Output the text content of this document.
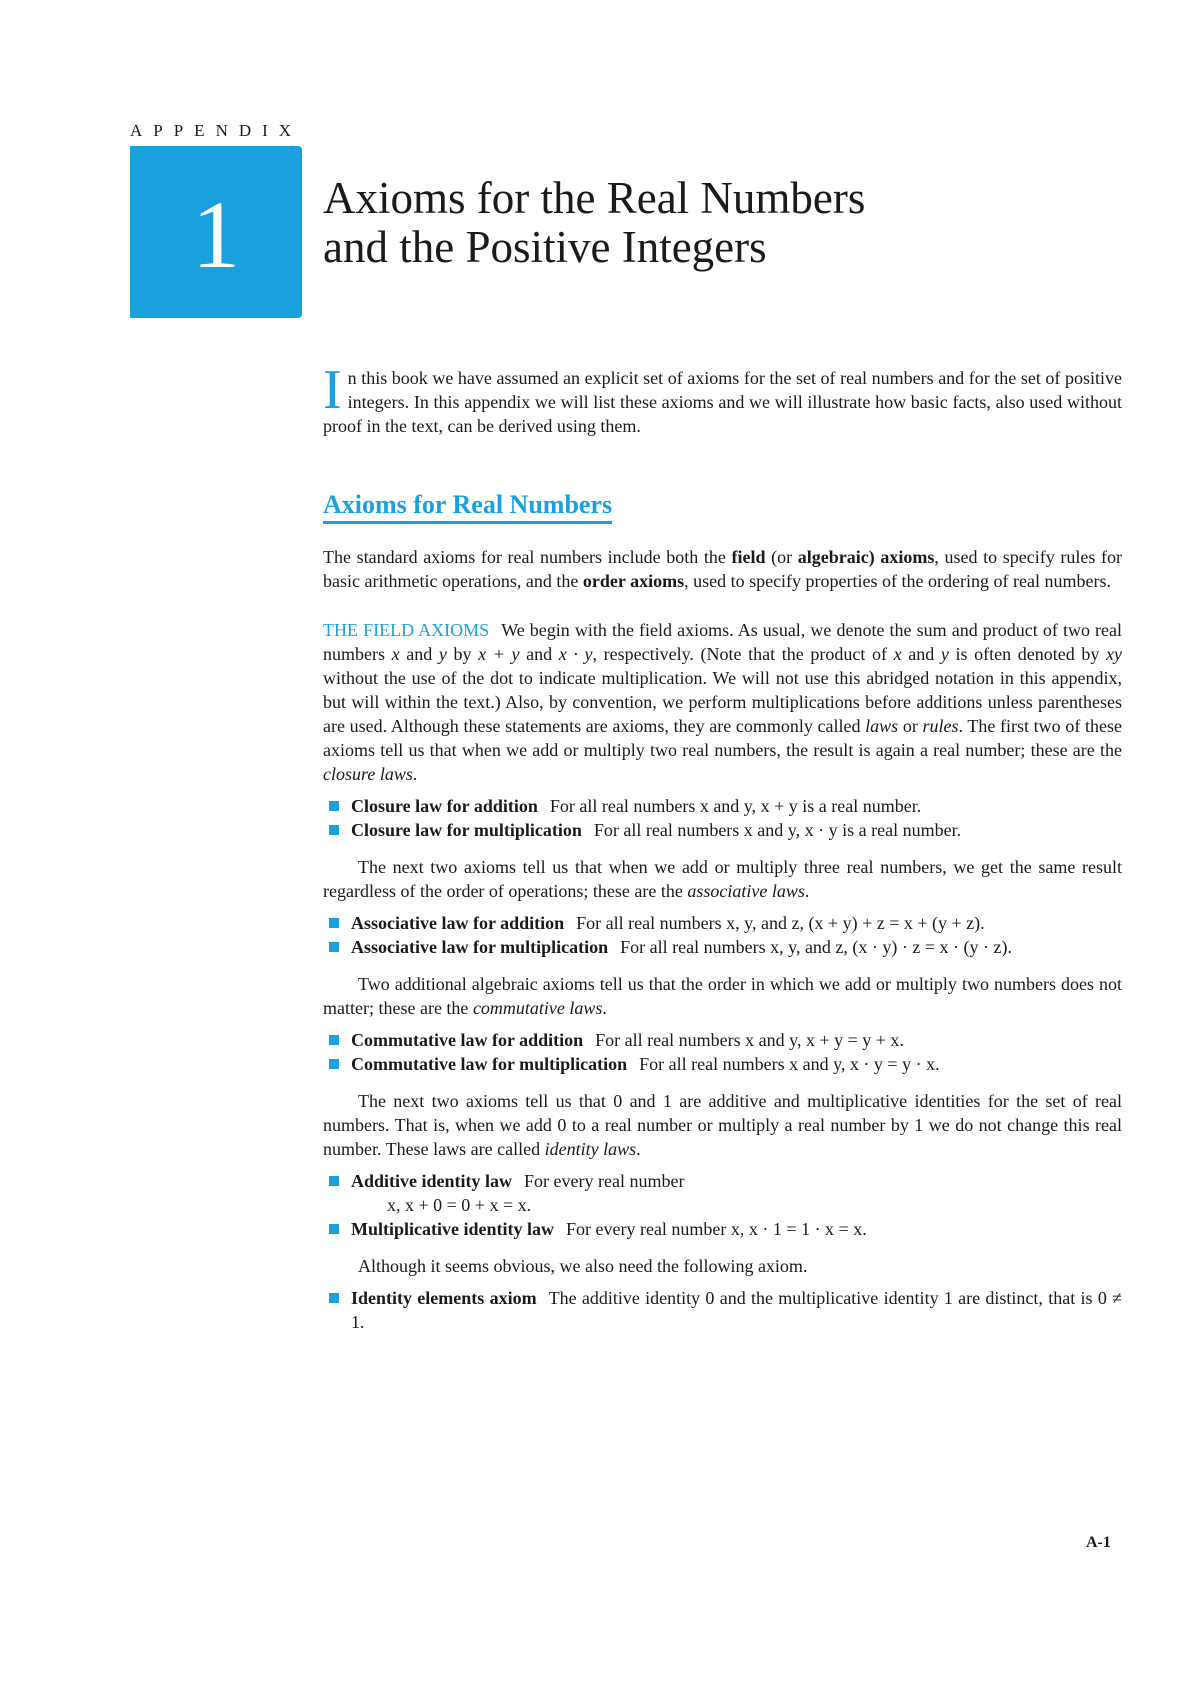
APPENDIX
1 Axioms for the Real Numbers
and the Positive Integers

In this book we have assumed an explicit set of axioms for the set of real numbers and for the set of positive integers. In this appendix we will list these axioms and we will illustrate how basic facts, also used without proof in the text, can be derived using them.

Axioms for Real Numbers

The standard axioms for real numbers include both the field (or algebraic) axioms, used to specify rules for basic arithmetic operations, and the order axioms, used to specify properties of the ordering of real numbers.

THE FIELD AXIOMS We begin with the field axioms. As usual, we denote the sum and product of two real numbers x and y by x + y and x · y, respectively. (Note that the product of x and y is often denoted by xy without the use of the dot to indicate multiplication. We will not use this abridged notation in this appendix, but will within the text.) Also, by convention, we perform multiplications before additions unless parentheses are used. Although these statements are axioms, they are commonly called laws or rules. The first two of these axioms tell us that when we add or multiply two real numbers, the result is again a real number; these are the closure laws.

Closure law for addition For all real numbers x and y, x + y is a real number.
Closure law for multiplication For all real numbers x and y, x · y is a real number.

The next two axioms tell us that when we add or multiply three real numbers, we get the same result regardless of the order of operations; these are the associative laws.

Associative law for addition For all real numbers x, y, and z, (x + y) + z = x + (y + z).
Associative law for multiplication For all real numbers x, y, and z, (x · y) · z = x · (y · z).

Two additional algebraic axioms tell us that the order in which we add or multiply two numbers does not matter; these are the commutative laws.

Commutative law for addition For all real numbers x and y, x + y = y + x.
Commutative law for multiplication For all real numbers x and y, x · y = y · x.

The next two axioms tell us that 0 and 1 are additive and multiplicative identities for the set of real numbers. That is, when we add 0 to a real number or multiply a real number by 1 we do not change this real number. These laws are called identity laws.

Additive identity law For every real number
x, x + 0 = 0 + x = x.
Multiplicative identity law For every real number x, x · 1 = 1 · x = x.

Although it seems obvious, we also need the following axiom.

Identity elements axiom The additive identity 0 and the multiplicative identity 1 are distinct, that is 0 ≠ 1.
A-1
